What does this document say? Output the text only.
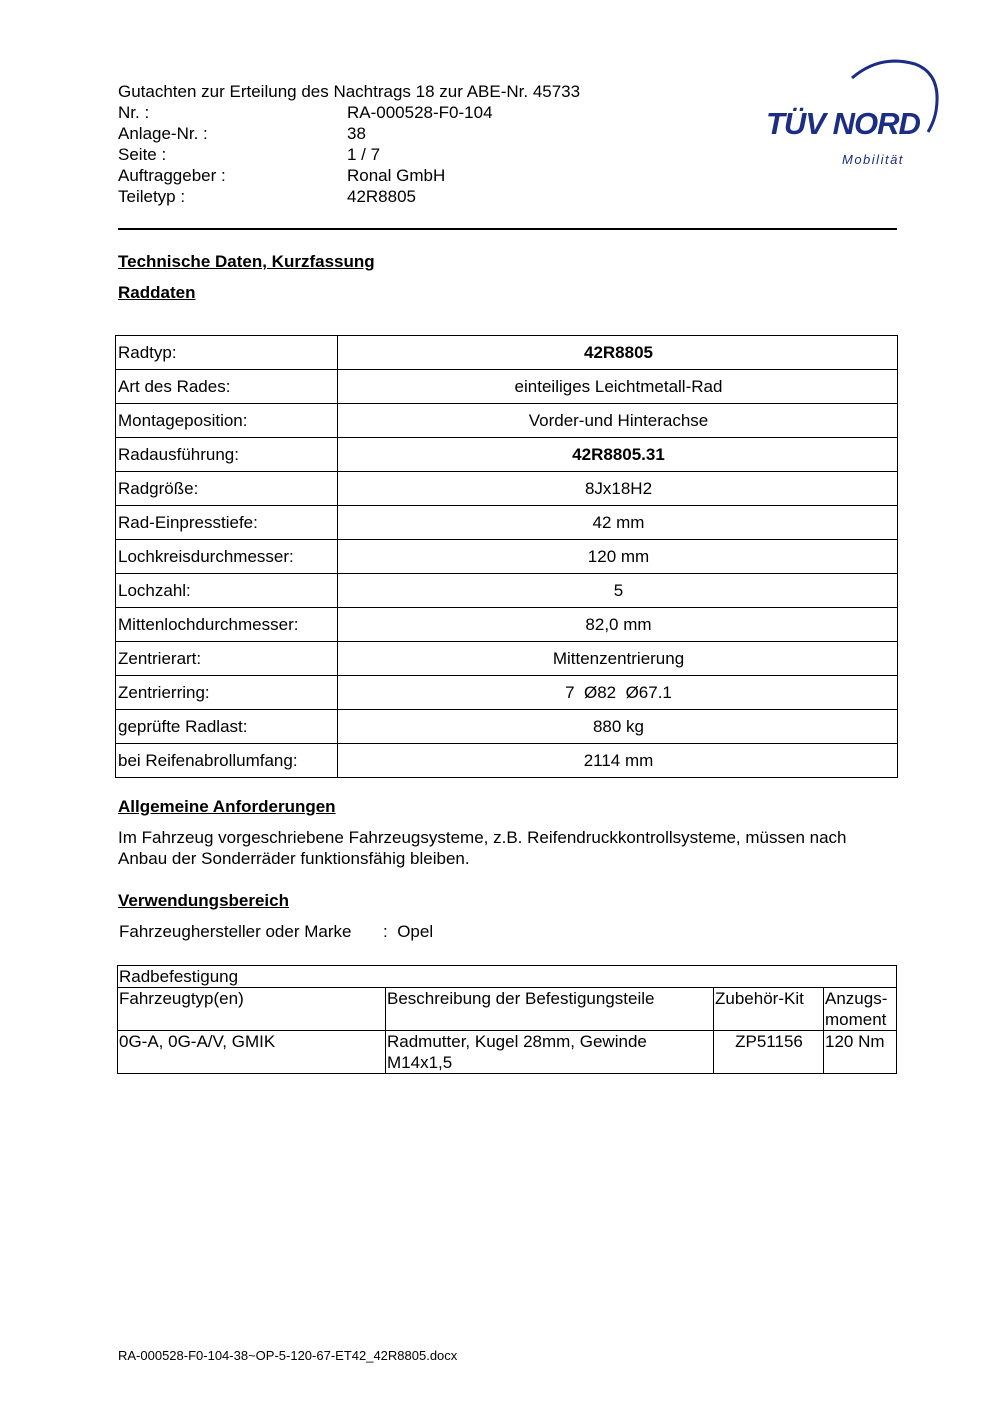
Gutachten zur Erteilung des Nachtrags 18 zur ABE-Nr. 45733
Nr. :	RA-000528-F0-104
Anlage-Nr. :	38
Seite :	1 / 7
Auftraggeber :	Ronal GmbH
Teiletyp :	42R8805
TÜV NORD
Mobilität
Technische Daten, Kurzfassung
Raddaten
Radtyp:	42R8805
Art des Rades:	einteiliges Leichtmetall-Rad
Montageposition:	Vorder-und Hinterachse
Radausführung:	42R8805.31
Radgröße:	8Jx18H2
Rad-Einpresstiefe:	42 mm
Lochkreisdurchmesser:	120 mm
Lochzahl:	5
Mittenlochdurchmesser:	82,0 mm
Zentrierart:	Mittenzentrierung
Zentrierring:	7  Ø82  Ø67.1
geprüfte Radlast:	880 kg
bei Reifenabrollumfang:	2114 mm
Allgemeine Anforderungen
Im Fahrzeug vorgeschriebene Fahrzeugsysteme, z.B. Reifendruckkontrollsysteme, müssen nach Anbau der Sonderräder funktionsfähig bleiben.
Verwendungsbereich
Fahrzeughersteller oder Marke : Opel
Radbefestigung			
Fahrzeugtyp(en)	Beschreibung der Befestigungsteile	Zubehör-Kit	Anzugs-moment
0G-A, 0G-A/V, GMIK	Radmutter, Kugel 28mm, Gewinde M14x1,5	ZP51156	120 Nm
RA-000528-F0-104-38~OP-5-120-67-ET42_42R8805.docx
